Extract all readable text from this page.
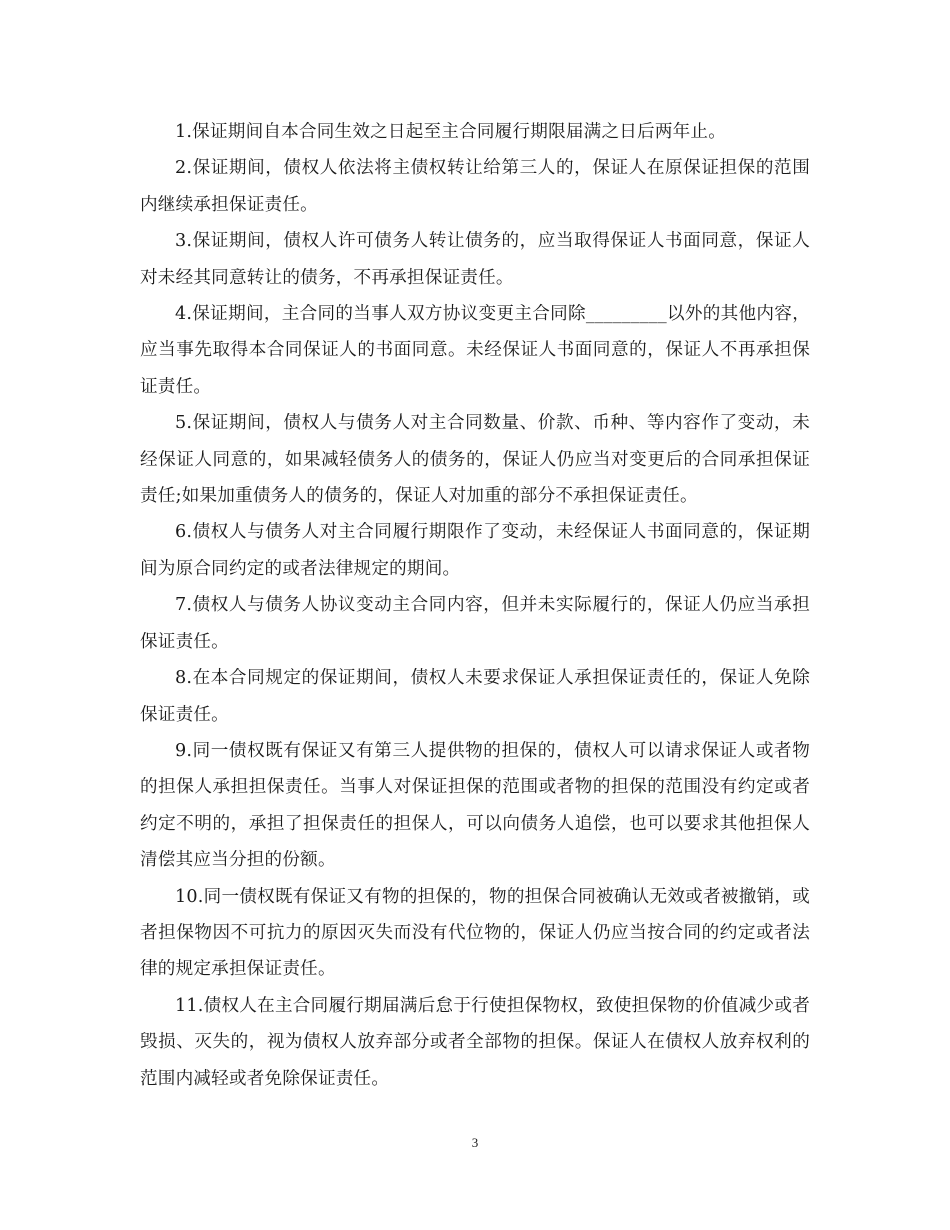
1.保证期间自本合同生效之日起至主合同履行期限届满之日后两年止。

2.保证期间，债权人依法将主债权转让给第三人的，保证人在原保证担保的范围内继续承担保证责任。

3.保证期间，债权人许可债务人转让债务的，应当取得保证人书面同意，保证人对未经其同意转让的债务，不再承担保证责任。

4.保证期间，主合同的当事人双方协议变更主合同除_________以外的其他内容，应当事先取得本合同保证人的书面同意。未经保证人书面同意的，保证人不再承担保证责任。

5.保证期间，债权人与债务人对主合同数量、价款、币种、等内容作了变动，未经保证人同意的，如果减轻债务人的债务的，保证人仍应当对变更后的合同承担保证责任;如果加重债务人的债务的，保证人对加重的部分不承担保证责任。

6.债权人与债务人对主合同履行期限作了变动，未经保证人书面同意的，保证期间为原合同约定的或者法律规定的期间。

7.债权人与债务人协议变动主合同内容，但并未实际履行的，保证人仍应当承担保证责任。

8.在本合同规定的保证期间，债权人未要求保证人承担保证责任的，保证人免除保证责任。

9.同一债权既有保证又有第三人提供物的担保的，债权人可以请求保证人或者物的担保人承担担保责任。当事人对保证担保的范围或者物的担保的范围没有约定或者约定不明的，承担了担保责任的担保人，可以向债务人追偿，也可以要求其他担保人清偿其应当分担的份额。

10.同一债权既有保证又有物的担保的，物的担保合同被确认无效或者被撤销，或者担保物因不可抗力的原因灭失而没有代位物的，保证人仍应当按合同的约定或者法律的规定承担保证责任。

11.债权人在主合同履行期届满后怠于行使担保物权，致使担保物的价值减少或者毁损、灭失的，视为债权人放弃部分或者全部物的担保。保证人在债权人放弃权利的范围内减轻或者免除保证责任。

3
